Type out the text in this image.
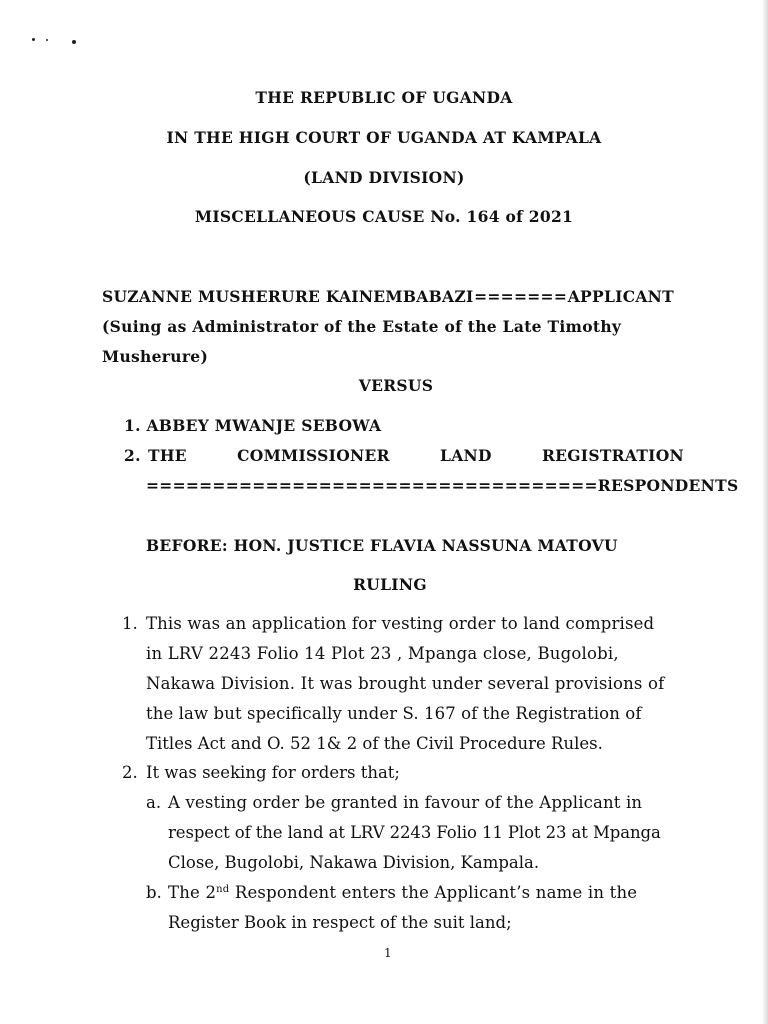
THE REPUBLIC OF UGANDA
IN THE HIGH COURT OF UGANDA AT KAMPALA
(LAND DIVISION)
MISCELLANEOUS CAUSE No. 164 of 2021
SUZANNE MUSHERURE KAINEMBABAZI ======= APPLICANT
(Suing as Administrator of the Estate of the Late Timothy
Musherure)
VERSUS
1. ABBEY MWANJE SEBOWA
2. THE	COMMISSIONER	LAND	REGISTRATION
================================== RESPONDENTS
BEFORE: HON. JUSTICE FLAVIA NASSUNA MATOVU
RULING
1. This was an application for vesting order to land comprised
in LRV 2243 Folio 14 Plot 23 , Mpanga close, Bugolobi,
Nakawa Division. It was brought under several provisions of
the law but specifically under S. 167 of the Registration of
Titles Act and O. 52 1& 2 of the Civil Procedure Rules.
2. It was seeking for orders that;
a. A vesting order be granted in favour of the Applicant in
respect of the land at LRV 2243 Folio 11 Plot 23 at Mpanga
Close, Bugolobi, Nakawa Division, Kampala.
b. The 2nd Respondent enters the Applicant’s name in the
Register Book in respect of the suit land;
1
